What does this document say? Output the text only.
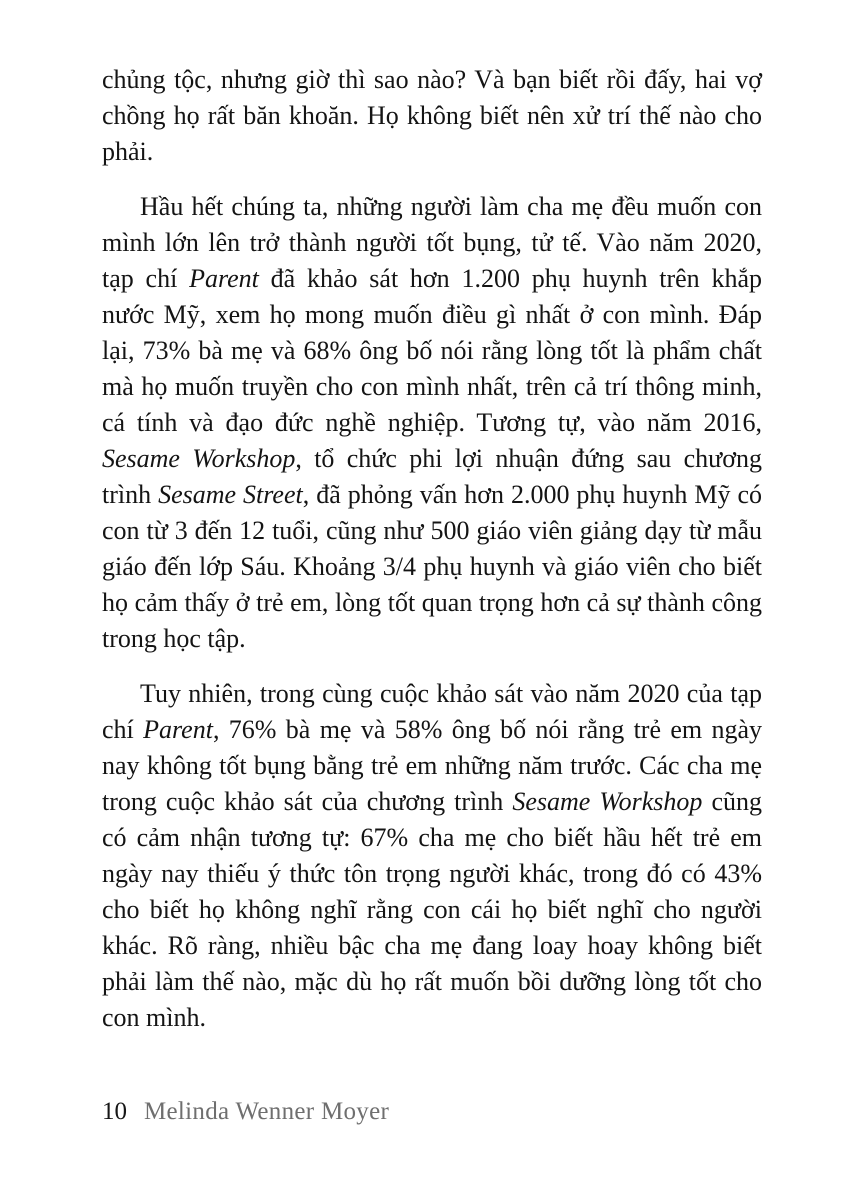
chủng tộc, nhưng giờ thì sao nào? Và bạn biết rồi đấy, hai vợ chồng họ rất băn khoăn. Họ không biết nên xử trí thế nào cho phải.

Hầu hết chúng ta, những người làm cha mẹ đều muốn con mình lớn lên trở thành người tốt bụng, tử tế. Vào năm 2020, tạp chí Parent đã khảo sát hơn 1.200 phụ huynh trên khắp nước Mỹ, xem họ mong muốn điều gì nhất ở con mình. Đáp lại, 73% bà mẹ và 68% ông bố nói rằng lòng tốt là phẩm chất mà họ muốn truyền cho con mình nhất, trên cả trí thông minh, cá tính và đạo đức nghề nghiệp. Tương tự, vào năm 2016, Sesame Workshop, tổ chức phi lợi nhuận đứng sau chương trình Sesame Street, đã phỏng vấn hơn 2.000 phụ huynh Mỹ có con từ 3 đến 12 tuổi, cũng như 500 giáo viên giảng dạy từ mẫu giáo đến lớp Sáu. Khoảng 3/4 phụ huynh và giáo viên cho biết họ cảm thấy ở trẻ em, lòng tốt quan trọng hơn cả sự thành công trong học tập.

Tuy nhiên, trong cùng cuộc khảo sát vào năm 2020 của tạp chí Parent, 76% bà mẹ và 58% ông bố nói rằng trẻ em ngày nay không tốt bụng bằng trẻ em những năm trước. Các cha mẹ trong cuộc khảo sát của chương trình Sesame Workshop cũng có cảm nhận tương tự: 67% cha mẹ cho biết hầu hết trẻ em ngày nay thiếu ý thức tôn trọng người khác, trong đó có 43% cho biết họ không nghĩ rằng con cái họ biết nghĩ cho người khác. Rõ ràng, nhiều bậc cha mẹ đang loay hoay không biết phải làm thế nào, mặc dù họ rất muốn bồi dưỡng lòng tốt cho con mình.

10 Melinda Wenner Moyer
